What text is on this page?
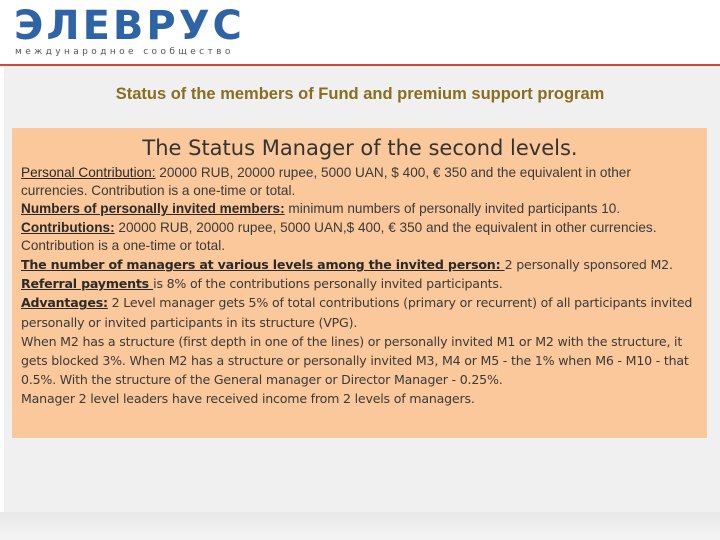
ЭЛЕВРУС
международное сообщество
Status of the members of Fund and premium support program
The Status Manager of the second levels.

Personal Contribution: 20000 RUB, 20000 rupee, 5000 UAN, $ 400, € 350 and the equivalent in other currencies. Contribution is a one-time or total.

Numbers of personally invited members: minimum numbers of personally invited participants 10.

Contributions: 20000 RUB, 20000 rupee, 5000 UAN,$ 400, € 350 and the equivalent in other currencies. Contribution is a one-time or total.

The number of managers at various levels among the invited person: 2 personally sponsored M2.

Referral payments is 8% of the contributions personally invited participants.

Advantages: 2 Level manager gets 5% of total contributions (primary or recurrent) of all participants invited personally or invited participants in its structure (VPG).

When M2 has a structure (first depth in one of the lines) or personally invited M1 or M2 with the structure, it gets blocked 3%. When M2 has a structure or personally invited M3, M4 or M5 - the 1% when M6 - M10 - that 0.5%. With the structure of the General manager or Director Manager - 0.25%.

Manager 2 level leaders have received income from 2 levels of managers.
